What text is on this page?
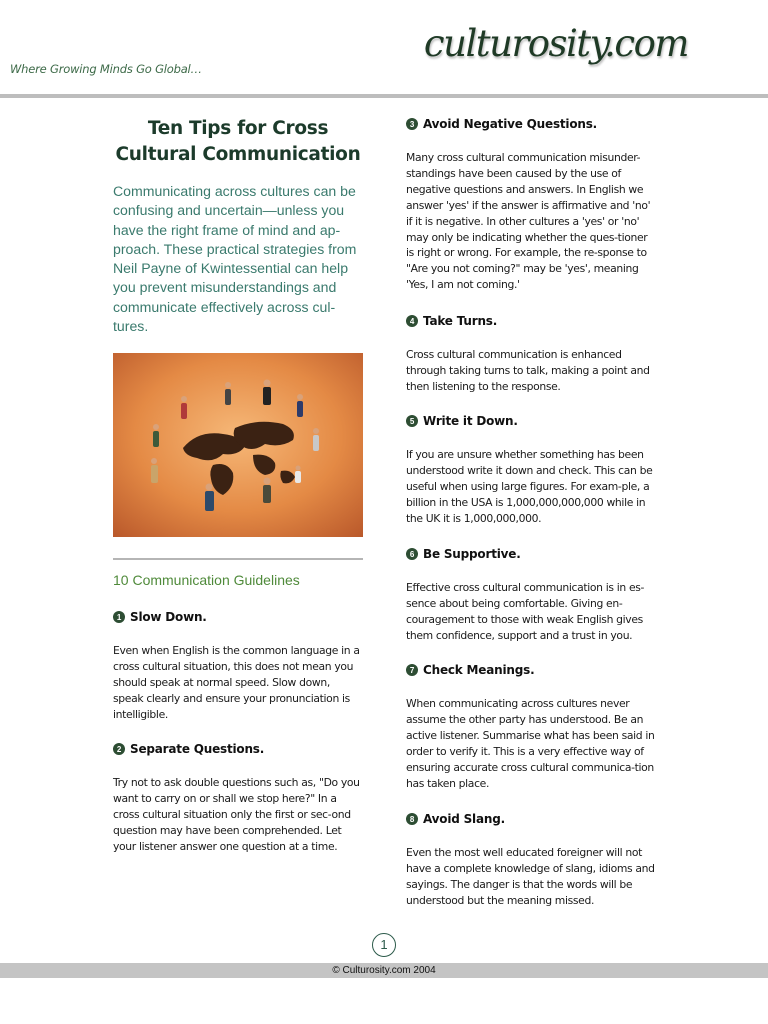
Where Growing Minds Go Global…
culturosity.com
Ten Tips for Cross Cultural Communication

Communicating across cultures can be confusing and uncertain—unless you have the right frame of mind and ap-proach. These practical strategies from Neil Payne of Kwintessential can help you prevent misunderstandings and communicate effectively across cul-tures.

10 Communication Guidelines
1 Slow Down.

Even when English is the common language in a cross cultural situation, this does not mean you should speak at normal speed. Slow down, speak clearly and ensure your pronunciation is intelligible.

2 Separate Questions.

Try not to ask double questions such as, "Do you want to carry on or shall we stop here?" In a cross cultural situation only the first or sec-ond question may have been comprehended. Let your listener answer one question at a time.

3 Avoid Negative Questions.

Many cross cultural communication misunder-standings have been caused by the use of negative questions and answers. In English we answer 'yes' if the answer is affirmative and 'no' if it is negative. In other cultures a 'yes' or 'no' may only be indicating whether the ques-tioner is right or wrong. For example, the re-sponse to "Are you not coming?" may be 'yes', meaning 'Yes, I am not coming.'

4 Take Turns.

Cross cultural communication is enhanced through taking turns to talk, making a point and then listening to the response.

5 Write it Down.

If you are unsure whether something has been understood write it down and check. This can be useful when using large figures. For exam-ple, a billion in the USA is 1,000,000,000,000 while in the UK it is 1,000,000,000.

6 Be Supportive.

Effective cross cultural communication is in es-sence about being comfortable. Giving en-couragement to those with weak English gives them confidence, support and a trust in you.

7 Check Meanings.

When communicating across cultures never assume the other party has understood. Be an active listener. Summarise what has been said in order to verify it. This is a very effective way of ensuring accurate cross cultural communica-tion has taken place.

8 Avoid Slang.

Even the most well educated foreigner will not have a complete knowledge of slang, idioms and sayings. The danger is that the words will be understood but the meaning missed.

1
© Culturosity.com 2004
